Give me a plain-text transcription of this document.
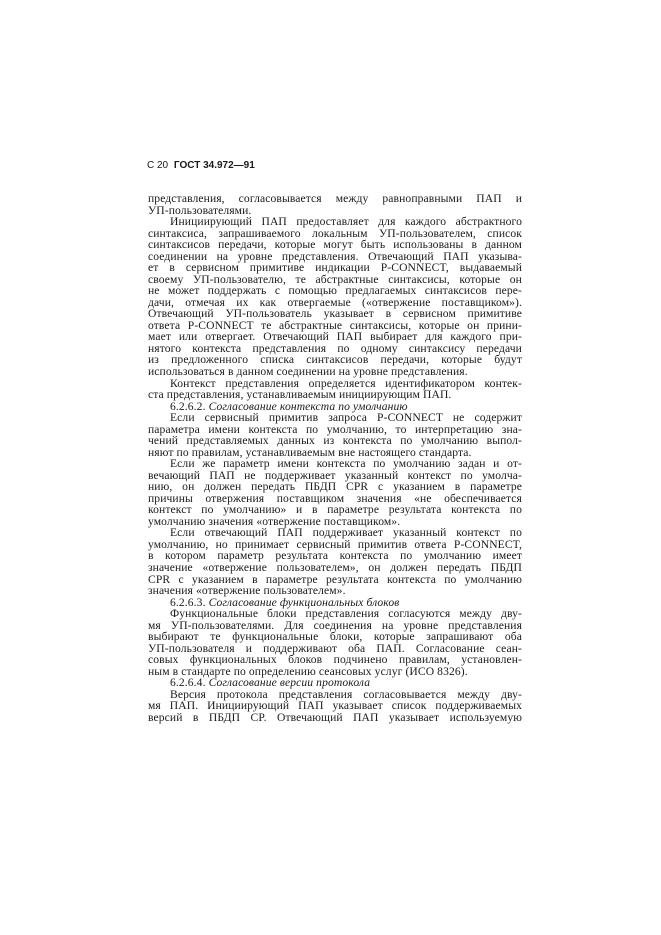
С 20 ГОСТ 34.972—91
представления, согласовывается между равноправными ПАП и
УП-пользователями.
Инициирующий ПАП предоставляет для каждого абстрактного
синтаксиса, запрашиваемого локальным УП-пользователем, список
синтаксисов передачи, которые могут быть использованы в данном
соединении на уровне представления. Отвечающий ПАП указыва-
ет в сервисном примитиве индикации P-CONNECT, выдаваемый
своему УП-пользователю, те абстрактные синтаксисы, которые он
не может поддержать с помощью предлагаемых синтаксисов пере-
дачи, отмечая их как отвергаемые («отвержение поставщиком»).
Отвечающий УП-пользователь указывает в сервисном примитиве
ответа P-CONNECT те абстрактные синтаксисы, которые он прини-
мает или отвергает. Отвечающий ПАП выбирает для каждого при-
нятого контекста представления по одному синтаксису передачи
из предложенного списка синтаксисов передачи, которые будут
использоваться в данном соединении на уровне представления.
Контекст представления определяется идентификатором контек-
ста представления, устанавливаемым инициирующим ПАП.
6.2.6.2. Согласование контекста по умолчанию
Если сервисный примитив запроса P-CONNECT не содержит
параметра имени контекста по умолчанию, то интерпретацию зна-
чений представляемых данных из контекста по умолчанию выпол-
няют по правилам, устанавливаемым вне настоящего стандарта.
Если же параметр имени контекста по умолчанию задан и от-
вечающий ПАП не поддерживает указанный контекст по умолча-
нию, он должен передать ПБДП CPR с указанием в параметре
причины отвержения поставщиком значения «не обеспечивается
контекст по умолчанию» и в параметре результата контекста по
умолчанию значения «отвержение поставщиком».
Если отвечающий ПАП поддерживает указанный контекст по
умолчанию, но принимает сервисный примитив ответа P-CONNECT,
в котором параметр результата контекста по умолчанию имеет
значение «отвержение пользователем», он должен передать ПБДП
CPR с указанием в параметре результата контекста по умолчанию
значения «отвержение пользователем».
6.2.6.3. Согласование функциональных блоков
Функциональные блоки представления согласуются между дву-
мя УП-пользователями. Для соединения на уровне представления
выбирают те функциональные блоки, которые запрашивают оба
УП-пользователя и поддерживают оба ПАП. Согласование сеан-
совых функциональных блоков подчинено правилам, установлен-
ным в стандарте по определению сеансовых услуг (ИСО 8326).
6.2.6.4. Согласование версии протокола
Версия протокола представления согласовывается между дву-
мя ПАП. Инициирующий ПАП указывает список поддерживаемых
версий в ПБДП CP. Отвечающий ПАП указывает используемую
